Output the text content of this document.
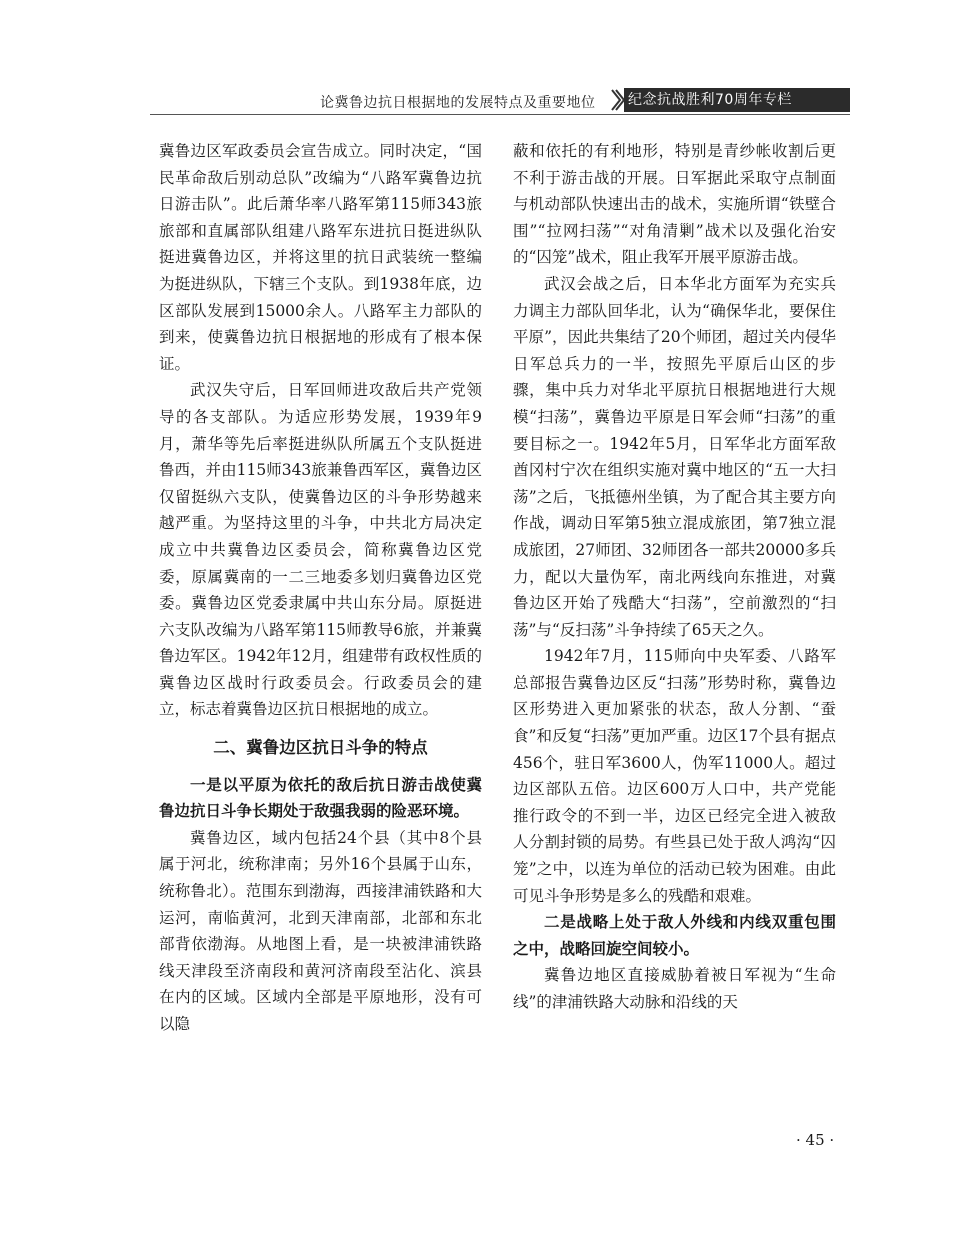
论冀鲁边抗日根据地的发展特点及重要地位 纪念抗战胜利70周年专栏

冀鲁边区军政委员会宣告成立。同时决定，“国民革命敌后别动总队”改编为“八路军冀鲁边抗日游击队”。此后萧华率八路军第115师343旅旅部和直属部队组建八路军东进抗日挺进纵队挺进冀鲁边区，并将这里的抗日武装统一整编为挺进纵队，下辖三个支队。到1938年底，边区部队发展到15000余人。八路军主力部队的到来，使冀鲁边抗日根据地的形成有了根本保证。

武汉失守后，日军回师进攻敌后共产党领导的各支部队。为适应形势发展，1939年9月，萧华等先后率挺进纵队所属五个支队挺进鲁西，并由115师343旅兼鲁西军区，冀鲁边区仅留挺纵六支队，使冀鲁边区的斗争形势越来越严重。为坚持这里的斗争，中共北方局决定成立中共冀鲁边区委员会，简称冀鲁边区党委，原属冀南的一二三地委多划归冀鲁边区党委。冀鲁边区党委隶属中共山东分局。原挺进六支队改编为八路军第115师教导6旅，并兼冀鲁边军区。1942年12月，组建带有政权性质的冀鲁边区战时行政委员会。行政委员会的建立，标志着冀鲁边区抗日根据地的成立。

二、冀鲁边区抗日斗争的特点

一是以平原为依托的敌后抗日游击战使冀鲁边抗日斗争长期处于敌强我弱的险恶环境。

冀鲁边区，域内包括24个县（其中8个县属于河北，统称津南；另外16个县属于山东，统称鲁北）。范围东到渤海，西接津浦铁路和大运河，南临黄河，北到天津南部，北部和东北部背依渤海。从地图上看，是一块被津浦铁路线天津段至济南段和黄河济南段至沾化、滨县在内的区域。区域内全部是平原地形，没有可以隐

蔽和依托的有利地形，特别是青纱帐收割后更不利于游击战的开展。日军据此采取守点制面与机动部队快速出击的战术，实施所谓“铁壁合围”“拉网扫荡”“对角清剿”战术以及强化治安的“囚笼”战术，阻止我军开展平原游击战。

武汉会战之后，日本华北方面军为充实兵力调主力部队回华北，认为“确保华北，要保住平原”，因此共集结了20个师团，超过关内侵华日军总兵力的一半，按照先平原后山区的步骤，集中兵力对华北平原抗日根据地进行大规模“扫荡”，冀鲁边平原是日军会师“扫荡”的重要目标之一。1942年5月，日军华北方面军敌酋冈村宁次在组织实施对冀中地区的“五一大扫荡”之后，飞抵德州坐镇，为了配合其主要方向作战，调动日军第5独立混成旅团，第7独立混成旅团，27师团、32师团各一部共20000多兵力，配以大量伪军，南北两线向东推进，对冀鲁边区开始了残酷大“扫荡”，空前激烈的“扫荡”与“反扫荡”斗争持续了65天之久。

1942年7月，115师向中央军委、八路军总部报告冀鲁边区反“扫荡”形势时称，冀鲁边区形势进入更加紧张的状态，敌人分割、“蚕食”和反复“扫荡”更加严重。边区17个县有据点456个，驻日军3600人，伪军11000人。超过边区部队五倍。边区600万人口中，共产党能推行政令的不到一半，边区已经完全进入被敌人分割封锁的局势。有些县已处于敌人鸿沟“囚笼”之中，以连为单位的活动已较为困难。由此可见斗争形势是多么的残酷和艰难。

二是战略上处于敌人外线和内线双重包围之中，战略回旋空间较小。

冀鲁边地区直接威胁着被日军视为“生命线”的津浦铁路大动脉和沿线的天

· 45 ·
